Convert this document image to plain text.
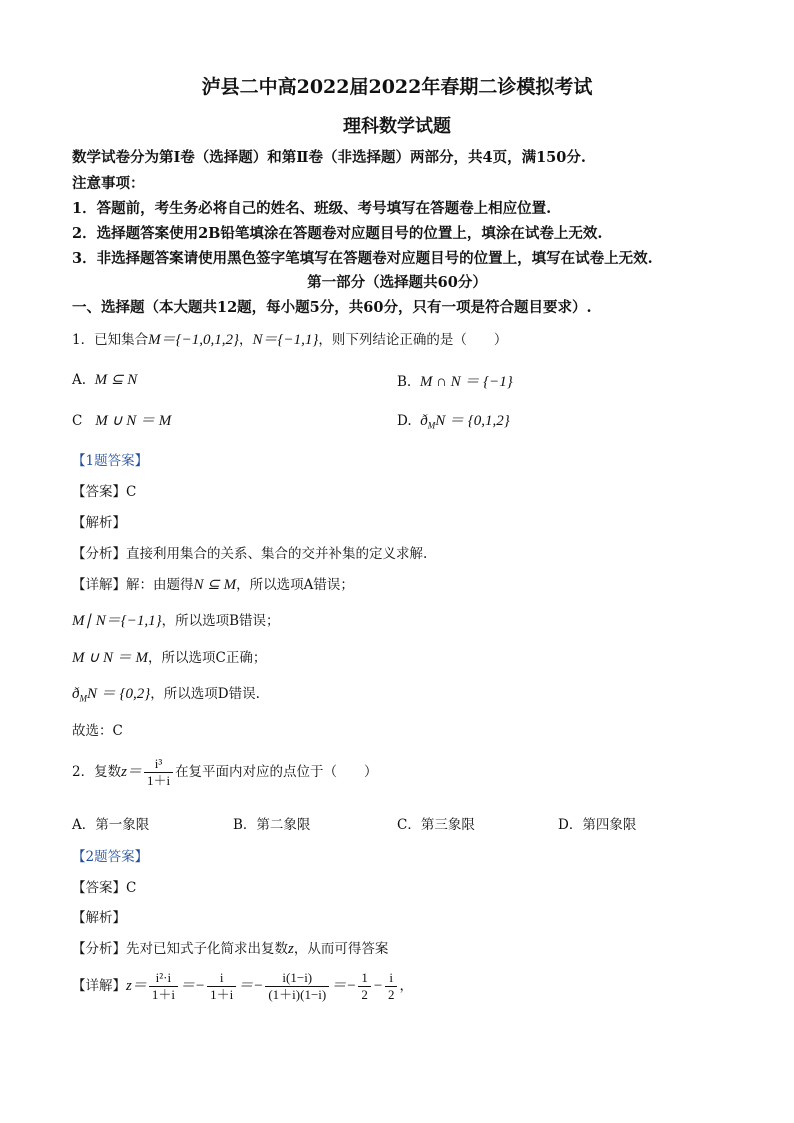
泸县二中高2022届2022年春期二诊模拟考试
理科数学试题
数学试卷分为第Ⅰ卷（选择题）和第Ⅱ卷（非选择题）两部分，共4页，满150分.
注意事项：
1．答题前，考生务必将自己的姓名、班级、考号填写在答题卷上相应位置.
2．选择题答案使用2B铅笔填涂在答题卷对应题目号的位置上，填涂在试卷上无效.
3．非选择题答案请使用黑色签字笔填写在答题卷对应题目号的位置上，填写在试卷上无效.
第一部分（选择题共60分）
一、选择题（本大题共12题，每小题5分，共60分，只有一项是符合题目要求）.
1．已知集合M＝{−1,0,1,2}，N＝{−1,1}，则下列结论正确的是（　　）
A. M ⊆ N	B. M ∩ N ＝ {−1}
C M ∪ N ＝ M	D. $ð_MN = \{0,1,2\}$
【1题答案】
【答案】C
【解析】
【分析】直接利用集合的关系、集合的交并补集的定义求解.
【详解】解：由题得N ⊆ M，所以选项A错误；
M∣ N＝{−1,1}，所以选项B错误；
M ∪ N ＝ M，所以选项C正确；
$ð_MN = \{0,2\}$，所以选项D错误.
故选：C
2．复数$z= \frac{\text{i³}}{1+i}$ 在复平面内对应的点位于（　　）
A．第一象限	B．第二象限	C．第三象限	D．第四象限
【2题答案】
【答案】C
【解析】
【分析】先对已知式子化简求出复数z，从而可得答案
【详解】$z= \frac{\text{i²·i}}{1+i} =- \frac{i}{1+i} =- \frac{i(1-i)}{(1+i)(1-i)} =- \frac{1}{2} - \frac{i}{2}$ ，
